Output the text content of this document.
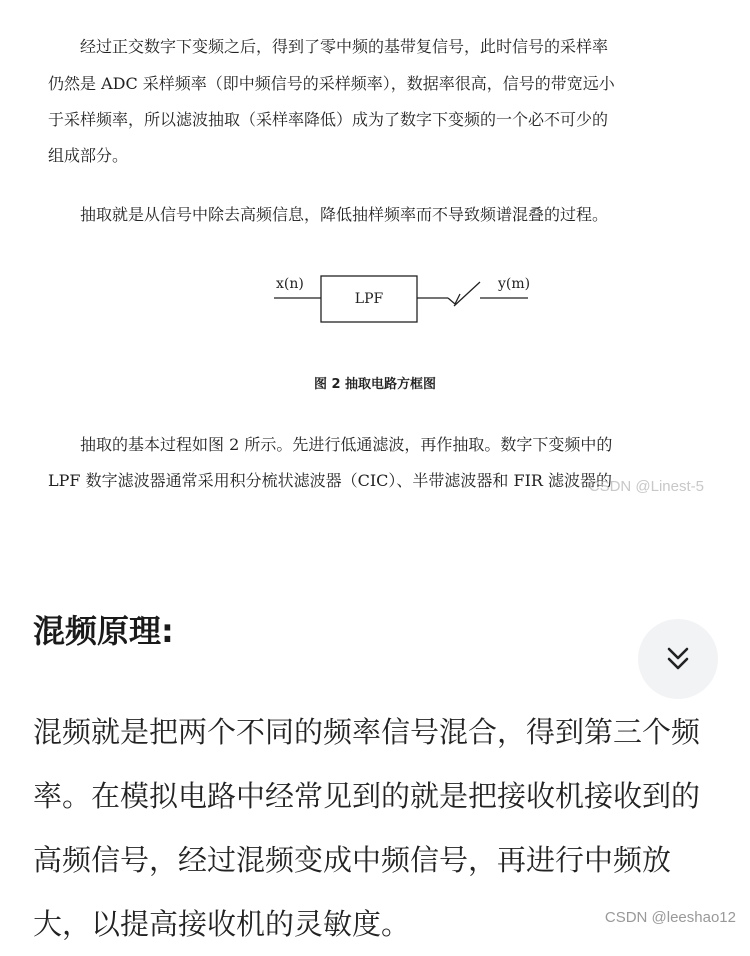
　　经过正交数字下变频之后，得到了零中频的基带复信号，此时信号的采样率

仍然是 ADC 采样频率（即中频信号的采样频率），数据率很高，信号的带宽远小

于采样频率，所以滤波抽取（采样率降低）成为了数字下变频的一个必不可少的

组成部分。

　　抽取就是从信号中除去高频信息，降低抽样频率而不导致频谱混叠的过程。

x(n)
LPF
y(m)
图 2 抽取电路方框图

　　抽取的基本过程如图 2 所示。先进行低通滤波，再作抽取。数字下变频中的

LPF 数字滤波器通常采用积分梳状滤波器（CIC）、半带滤波器和 FIR 滤波器的

CSDN @Linest-5
混频原理:

混频就是把两个不同的频率信号混合，得到第三个频率。在模拟电路中经常见到的就是把接收机接收到的高频信号，经过混频变成中频信号，再进行中频放大，以提高接收机的灵敏度。	CSDN @leeshao12
